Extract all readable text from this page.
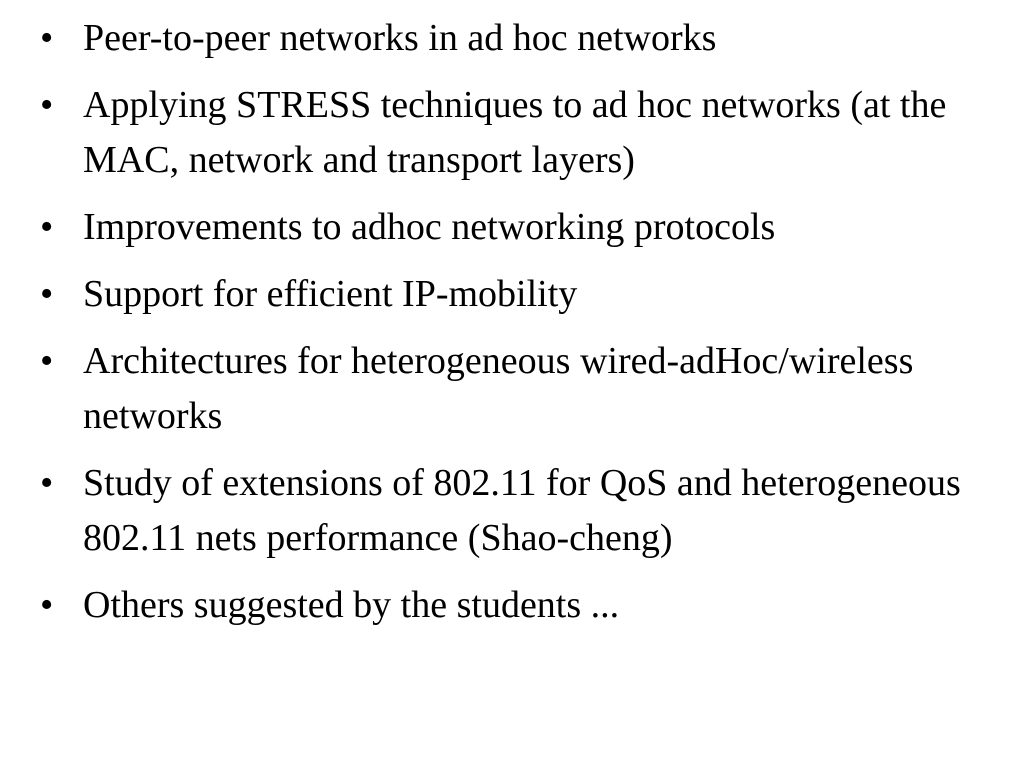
• Peer-to-peer networks in ad hoc networks
• Applying STRESS techniques to ad hoc networks (at the MAC, network and transport layers)
• Improvements to adhoc networking protocols
• Support for efficient IP-mobility
• Architectures for heterogeneous wired-adHoc/wireless networks
• Study of extensions of 802.11 for QoS and heterogeneous 802.11 nets performance (Shao-cheng)
• Others suggested by the students ...
